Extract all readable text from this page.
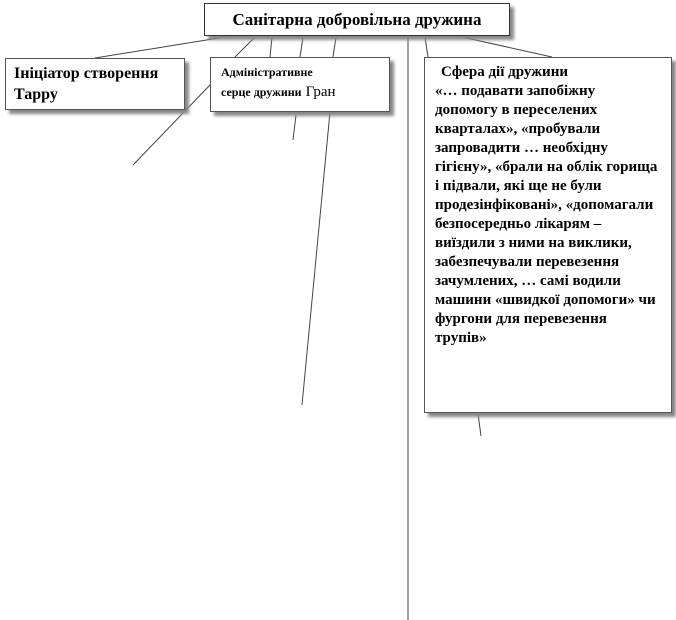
Санітарна добровільна дружина
Ініціатор створення
Тарру
Адміністративне
серце дружини Гран
Сфера дії дружини
«… подавати запобіжну допомогу в переселених кварталах», «пробували запровадити … необхідну гігієну», «брали на облік горища і підвали, які ще не були продезінфіковані», «допомагали безпосередньо лікарям – виїздили з ними на виклики, забезпечували перевезення зачумлених, … самі водили машини «швидкої допомоги» чи фургони для перевезення трупів»
